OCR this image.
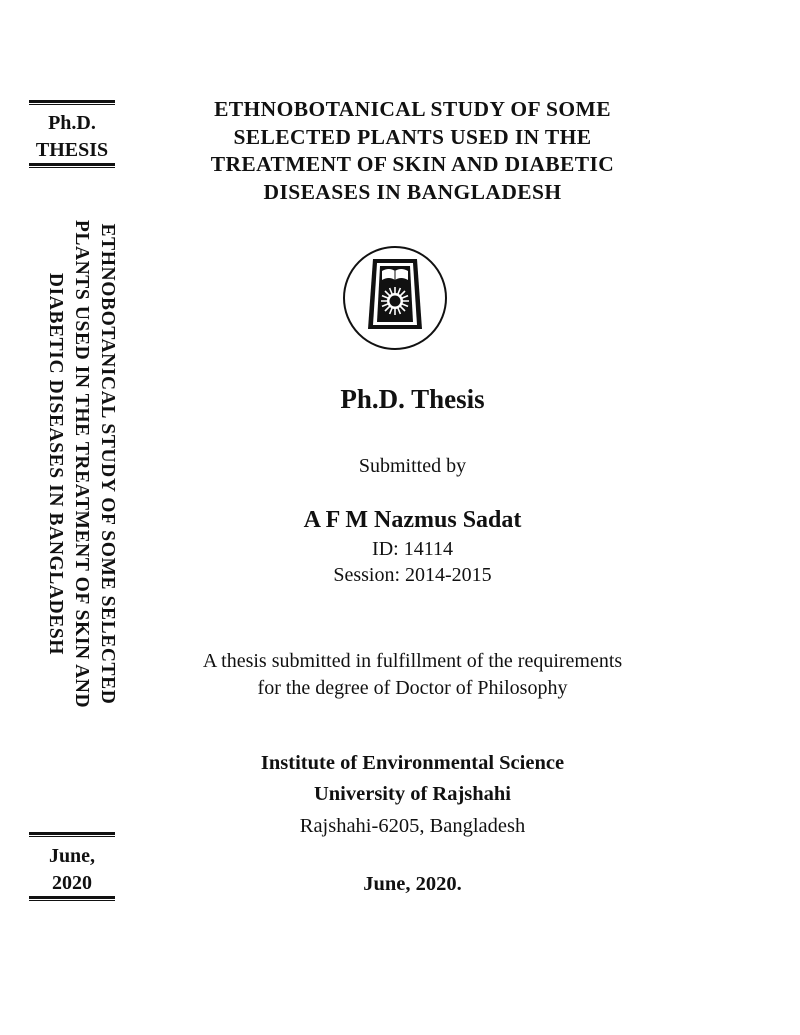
Ph.D.
THESIS
ETHNOBOTANICAL STUDY OF SOME SELECTED
PLANTS USED IN THE TREATMENT OF SKIN AND
DIABETIC DISEASES IN BANGLADESH
June,
2020
ETHNOBOTANICAL STUDY OF SOME
SELECTED PLANTS USED IN THE
TREATMENT OF SKIN AND DIABETIC
DISEASES IN BANGLADESH
Ph.D. Thesis
Submitted by
A F M Nazmus Sadat
ID: 14114
Session: 2014-2015
A thesis submitted in fulfillment of the requirements
for the degree of Doctor of Philosophy
Institute of Environmental Science
University of Rajshahi
Rajshahi-6205, Bangladesh
June, 2020.
